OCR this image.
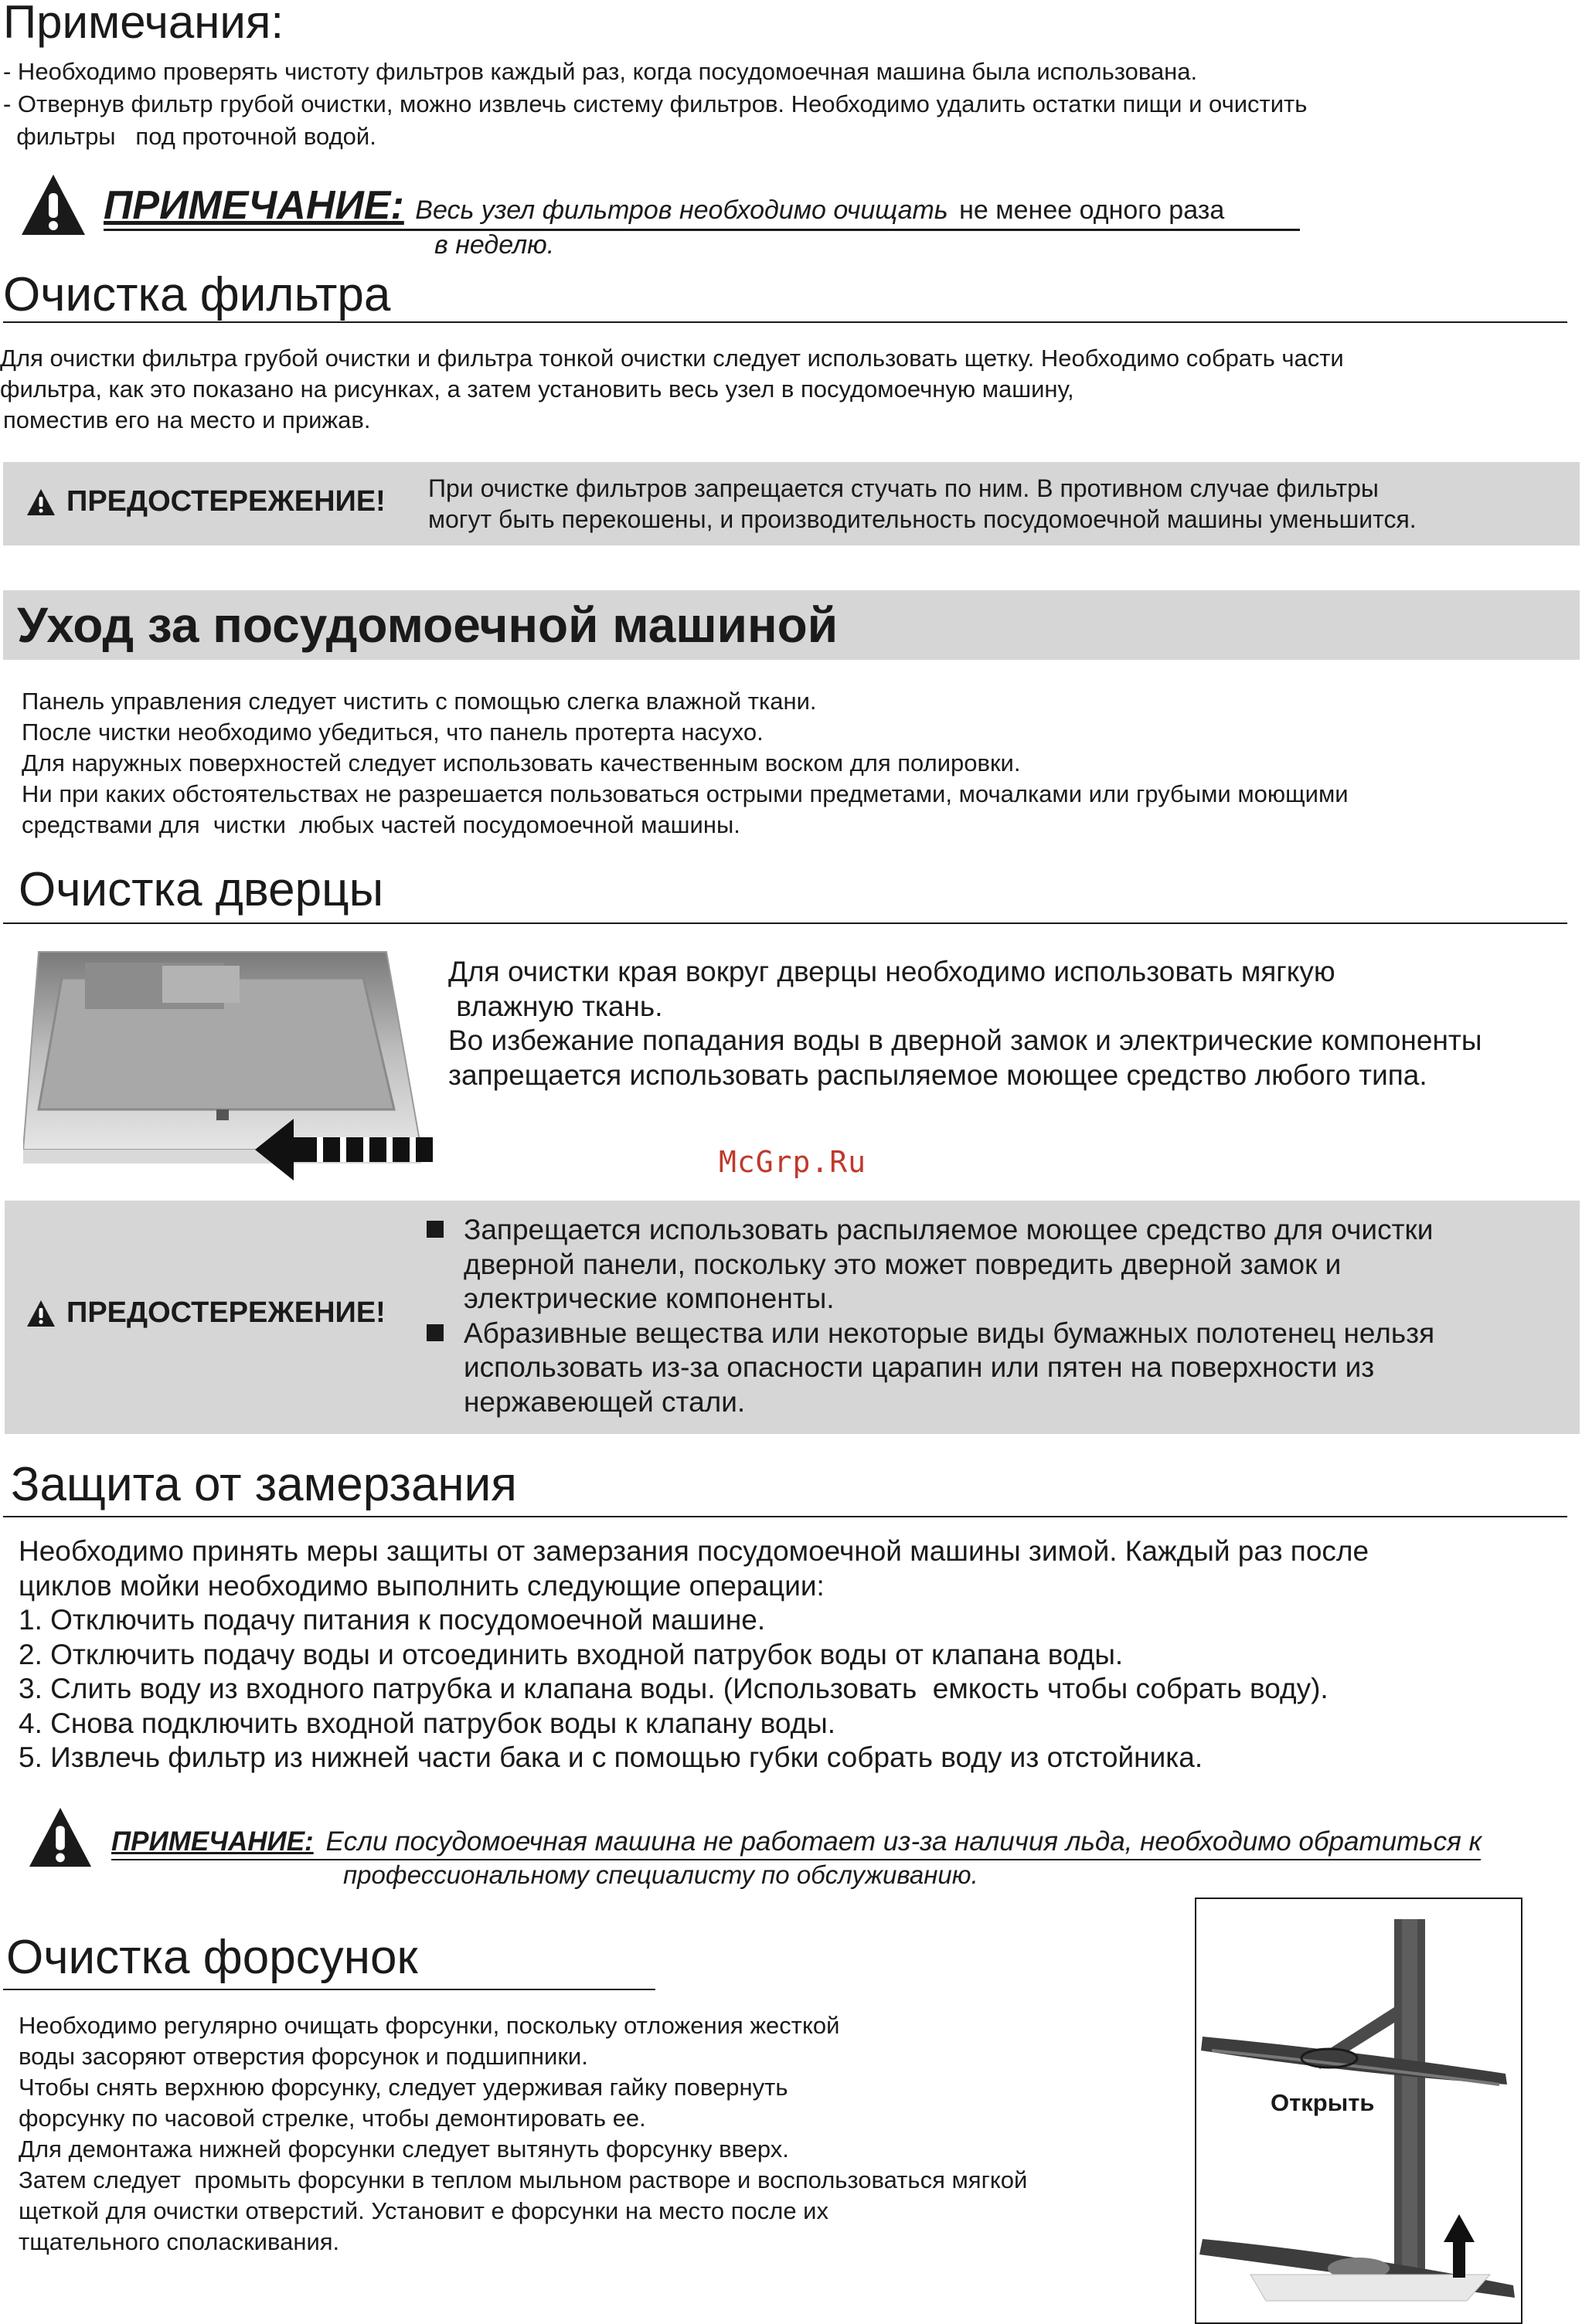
Примечания:
- Необходимо проверять чистоту фильтров каждый раз, когда посудомоечная машина была использована.
- Отвернув фильтр грубой очистки, можно извлечь систему фильтров. Необходимо удалить остатки пищи и очистить
фильтры   под проточной водой.
ПРИМЕЧАНИЕ: Весь узел фильтров необходимо очищать не менее одного раза
в неделю.
Очистка фильтра
Для очистки фильтра грубой очистки и фильтра тонкой очистки следует использовать щетку. Необходимо собрать части
фильтра, как это показано на рисунках, а затем установить весь узел в посудомоечную машину,
поместив его на место и прижав.
ПРЕДОСТЕРЕЖЕНИЕ! При очистке фильтров запрещается стучать по ним. В противном случае фильтры
могут быть перекошены, и производительность посудомоечной машины уменьшится.
Уход за посудомоечной машиной
Панель управления следует чистить с помощью слегка влажной ткани.
После чистки необходимо убедиться, что панель протерта насухо.
Для наружных поверхностей следует использовать качественным воском для полировки.
Ни при каких обстоятельствах не разрешается пользоваться острыми предметами, мочалками или грубыми моющими
средствами для  чистки  любых частей посудомоечной машины.
Очистка дверцы
Для очистки края вокруг дверцы необходимо использовать мягкую
влажную ткань.
Во избежание попадания воды в дверной замок и электрические компоненты
запрещается использовать распыляемое моющее средство любого типа.
McGrp.Ru
ПРЕДОСТЕРЕЖЕНИЕ!
Запрещается использовать распыляемое моющее средство для очистки
дверной панели, поскольку это может повредить дверной замок и
электрические компоненты.
Абразивные вещества или некоторые виды бумажных полотенец нельзя
использовать из-за опасности царапин или пятен на поверхности из
нержавеющей стали.
Защита от замерзания
Необходимо принять меры защиты от замерзания посудомоечной машины зимой. Каждый раз после
циклов мойки необходимо выполнить следующие операции:
1. Отключить подачу питания к посудомоечной машине.
2. Отключить подачу воды и отсоединить входной патрубок воды от клапана воды.
3. Слить воду из входного патрубка и клапана воды. (Использовать  емкость чтобы собрать воду).
4. Снова подключить входной патрубок воды к клапану воды.
5. Извлечь фильтр из нижней части бака и с помощью губки собрать воду из отстойника.
ПРИМЕЧАНИЕ: Если посудомоечная машина не работает из-за наличия льда, необходимо обратиться к
профессиональному специалисту по обслуживанию.
Очистка форсунок
Необходимо регулярно очищать форсунки, поскольку отложения жесткой
воды засоряют отверстия форсунок и подшипники.
Чтобы снять верхнюю форсунку, следует удерживая гайку повернуть
форсунку по часовой стрелке, чтобы демонтировать ее.
Для демонтажа нижней форсунки следует вытянуть форсунку вверх.
Затем следует  промыть форсунки в теплом мыльном растворе и воспользоваться мягкой
щеткой для очистки отверстий. Установит е форсунки на место после их
тщательного споласкивания.
Открыть
